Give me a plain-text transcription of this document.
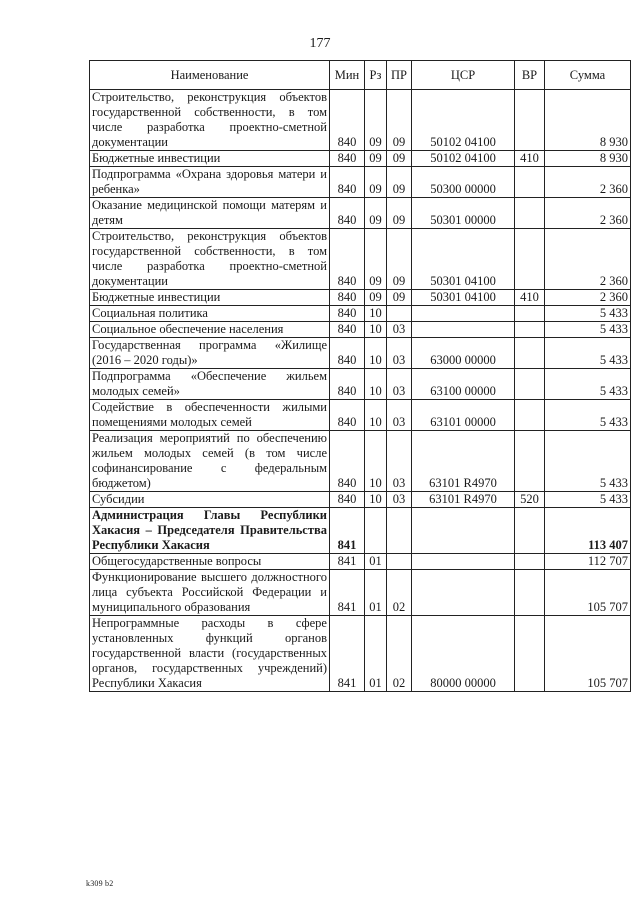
177
Наименование	Мин	Рз	ПР	ЦСР	ВР	Сумма
Строительство, реконструкция объектов государственной собственности, в том числе разработка проектно-сметной документации	840	09	09	50102 04100		8 930
Бюджетные инвестиции	840	09	09	50102 04100	410	8 930
Подпрограмма «Охрана здоровья матери и ребенка»	840	09	09	50300 00000		2 360
Оказание медицинской помощи матерям и детям	840	09	09	50301 00000		2 360
Строительство, реконструкция объектов государственной собственности, в том числе разработка проектно-сметной документации	840	09	09	50301 04100		2 360
Бюджетные инвестиции	840	09	09	50301 04100	410	2 360
Социальная политика	840	10				5 433
Социальное обеспечение населения	840	10	03			5 433
Государственная программа «Жилище (2016 – 2020 годы)»	840	10	03	63000 00000		5 433
Подпрограмма «Обеспечение жильем молодых семей»	840	10	03	63100 00000		5 433
Содействие в обеспеченности жилыми помещениями молодых семей	840	10	03	63101 00000		5 433
Реализация мероприятий по обеспечению жильем молодых семей (в том числе софинансирование с федеральным бюджетом)	840	10	03	63101 R4970		5 433
Субсидии	840	10	03	63101 R4970	520	5 433
Администрация Главы Республики Хакасия – Председателя Правительства Республики Хакасия	841					113 407
Общегосударственные вопросы	841	01				112 707
Функционирование высшего должностного лица субъекта Российской Федерации и муниципального образования	841	01	02			105 707
Непрограммные расходы в сфере установленных функций органов государственной власти (государственных органов, государственных учреждений) Республики Хакасия	841	01	02	80000 00000		105 707
k309 b2
